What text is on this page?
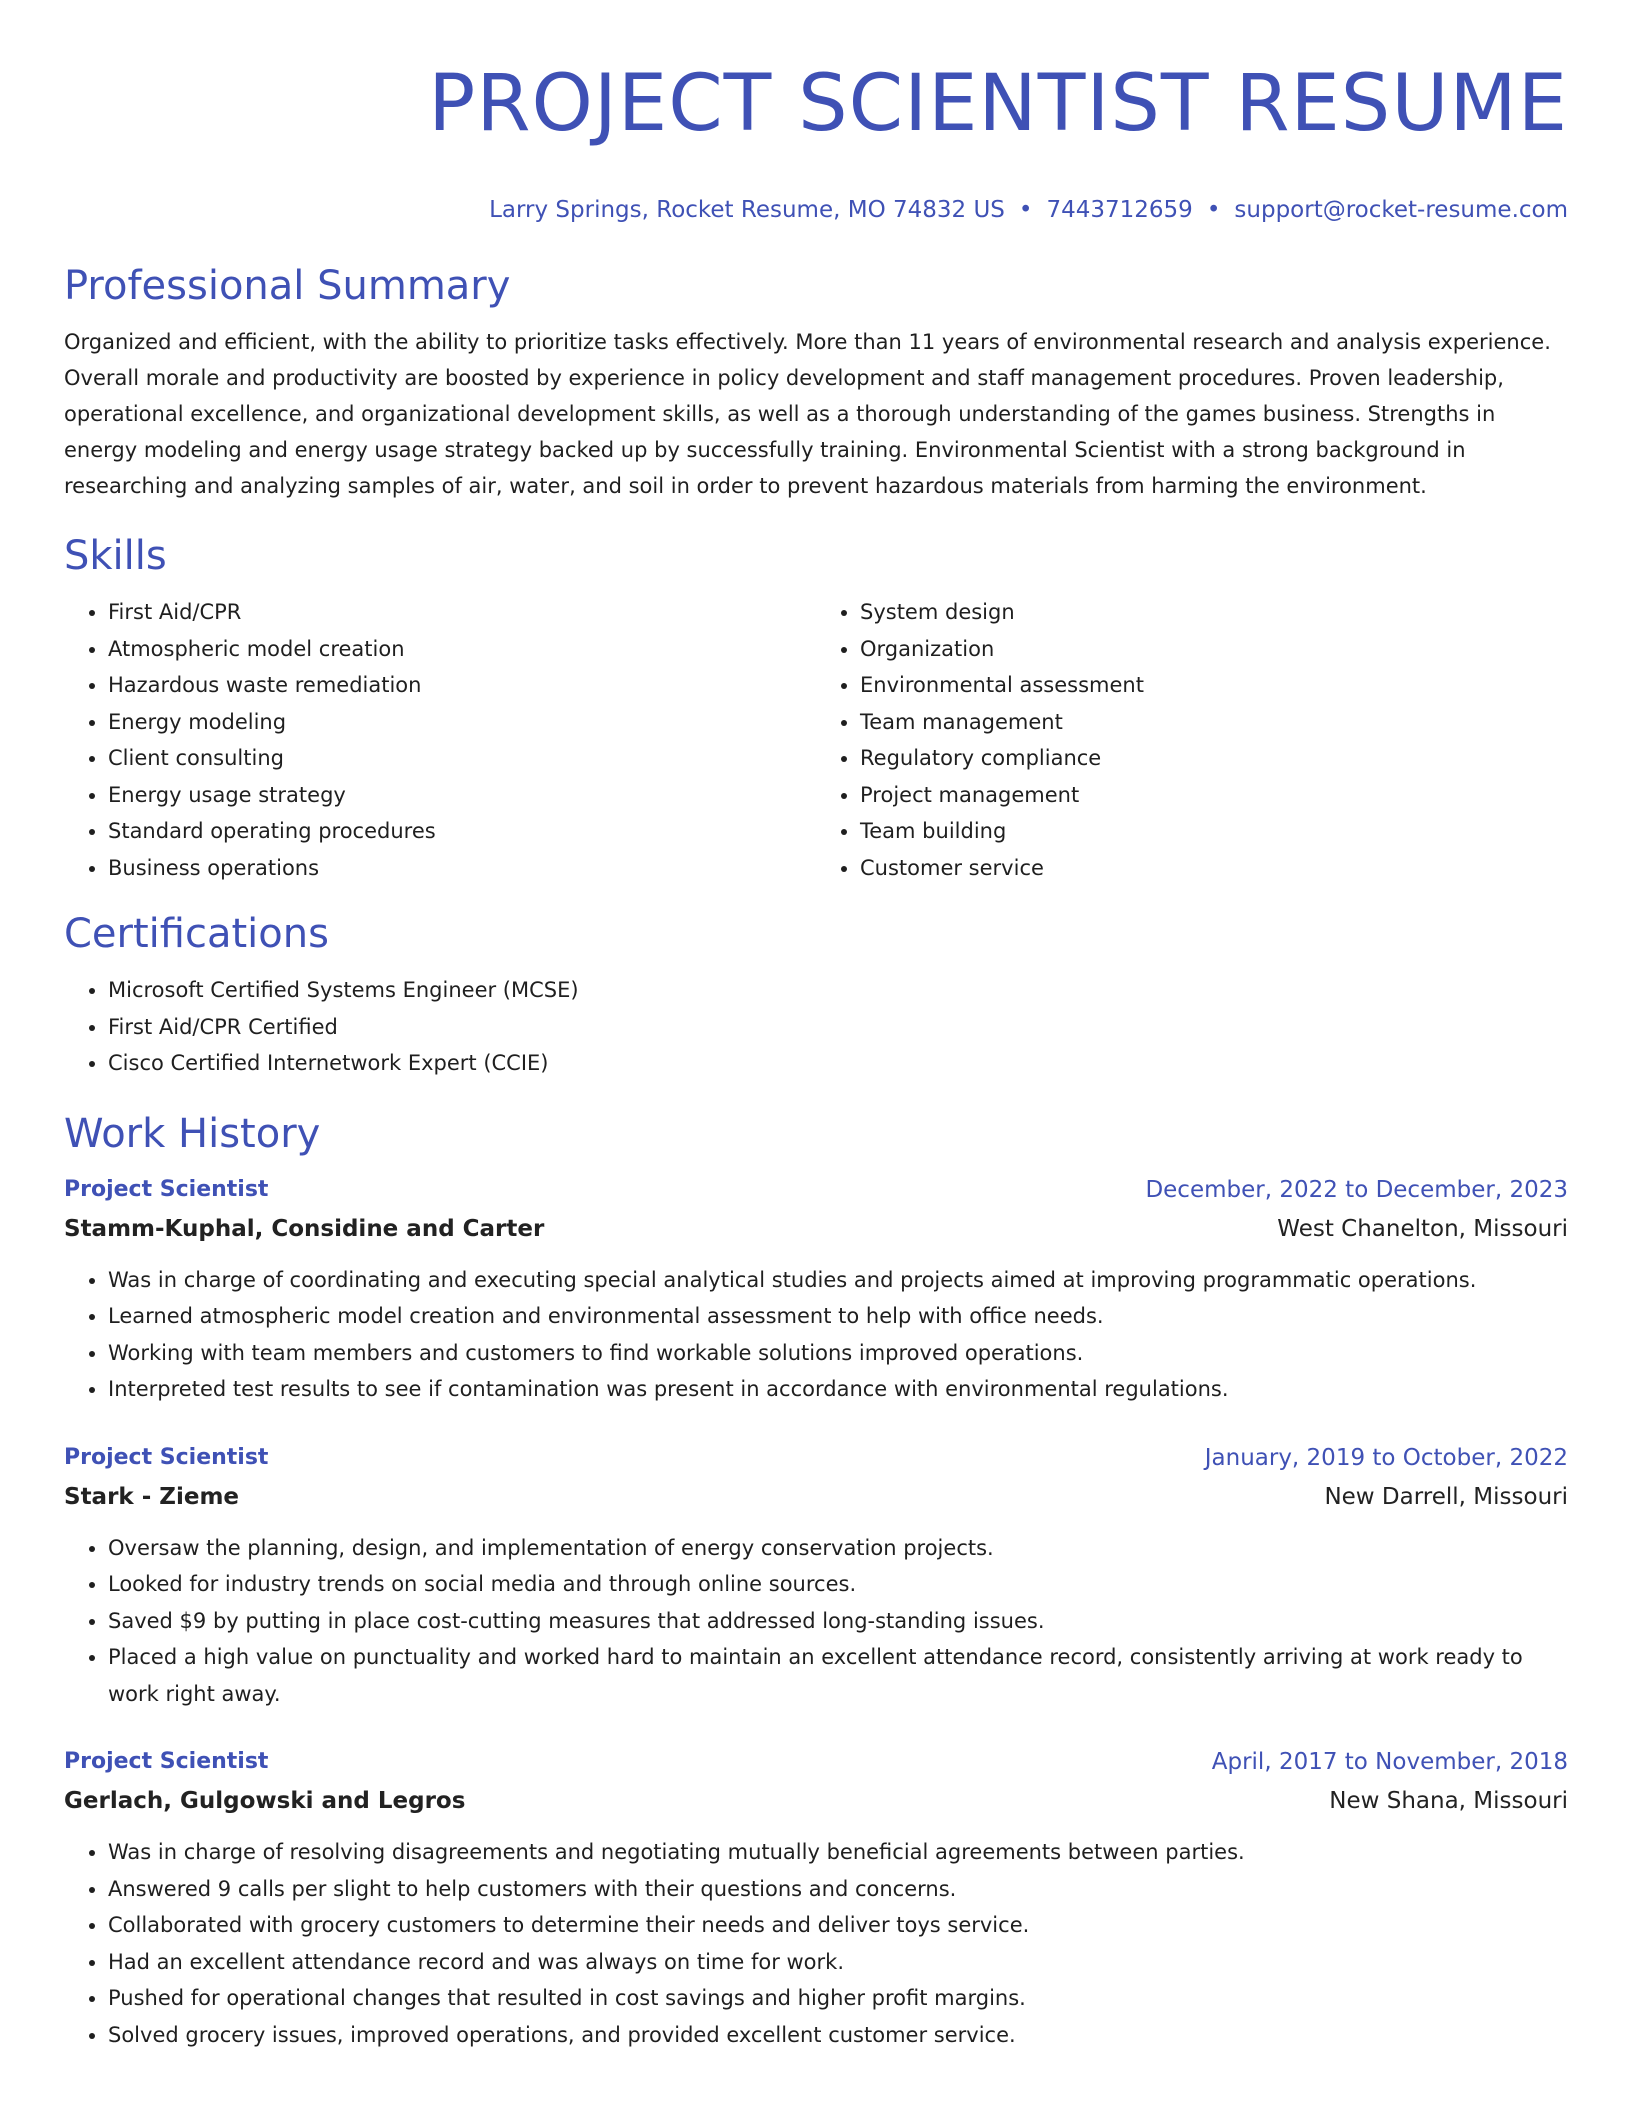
PROJECT SCIENTIST RESUME
Larry Springs, Rocket Resume, MO 74832 US • 7443712659 • support@rocket-resume.com
Professional Summary

Organized and efficient, with the ability to prioritize tasks effectively. More than 11 years of environmental research and analysis experience. Overall morale and productivity are boosted by experience in policy development and staff management procedures. Proven leadership, operational excellence, and organizational development skills, as well as a thorough understanding of the games business. Strengths in energy modeling and energy usage strategy backed up by successfully training. Environmental Scientist with a strong background in researching and analyzing samples of air, water, and soil in order to prevent hazardous materials from harming the environment.

Skills
• First Aid/CPR
• Atmospheric model creation
• Hazardous waste remediation
• Energy modeling
• Client consulting
• Energy usage strategy
• Standard operating procedures
• Business operations
• System design
• Organization
• Environmental assessment
• Team management
• Regulatory compliance
• Project management
• Team building
• Customer service
Certifications
• Microsoft Certified Systems Engineer (MCSE)
• First Aid/CPR Certified
• Cisco Certified Internetwork Expert (CCIE)
Work History
Project Scientist	December, 2022 to December, 2023
Stamm-Kuphal, Considine and Carter	West Chanelton, Missouri
• Was in charge of coordinating and executing special analytical studies and projects aimed at improving programmatic operations.
• Learned atmospheric model creation and environmental assessment to help with office needs.
• Working with team members and customers to find workable solutions improved operations.
• Interpreted test results to see if contamination was present in accordance with environmental regulations.
Project Scientist	January, 2019 to October, 2022
Stark - Zieme	New Darrell, Missouri
• Oversaw the planning, design, and implementation of energy conservation projects.
• Looked for industry trends on social media and through online sources.
• Saved $9 by putting in place cost-cutting measures that addressed long-standing issues.
• Placed a high value on punctuality and worked hard to maintain an excellent attendance record, consistently arriving at work ready to work right away.
Project Scientist	April, 2017 to November, 2018
Gerlach, Gulgowski and Legros	New Shana, Missouri
• Was in charge of resolving disagreements and negotiating mutually beneficial agreements between parties.
• Answered 9 calls per slight to help customers with their questions and concerns.
• Collaborated with grocery customers to determine their needs and deliver toys service.
• Had an excellent attendance record and was always on time for work.
• Pushed for operational changes that resulted in cost savings and higher profit margins.
• Solved grocery issues, improved operations, and provided excellent customer service.
